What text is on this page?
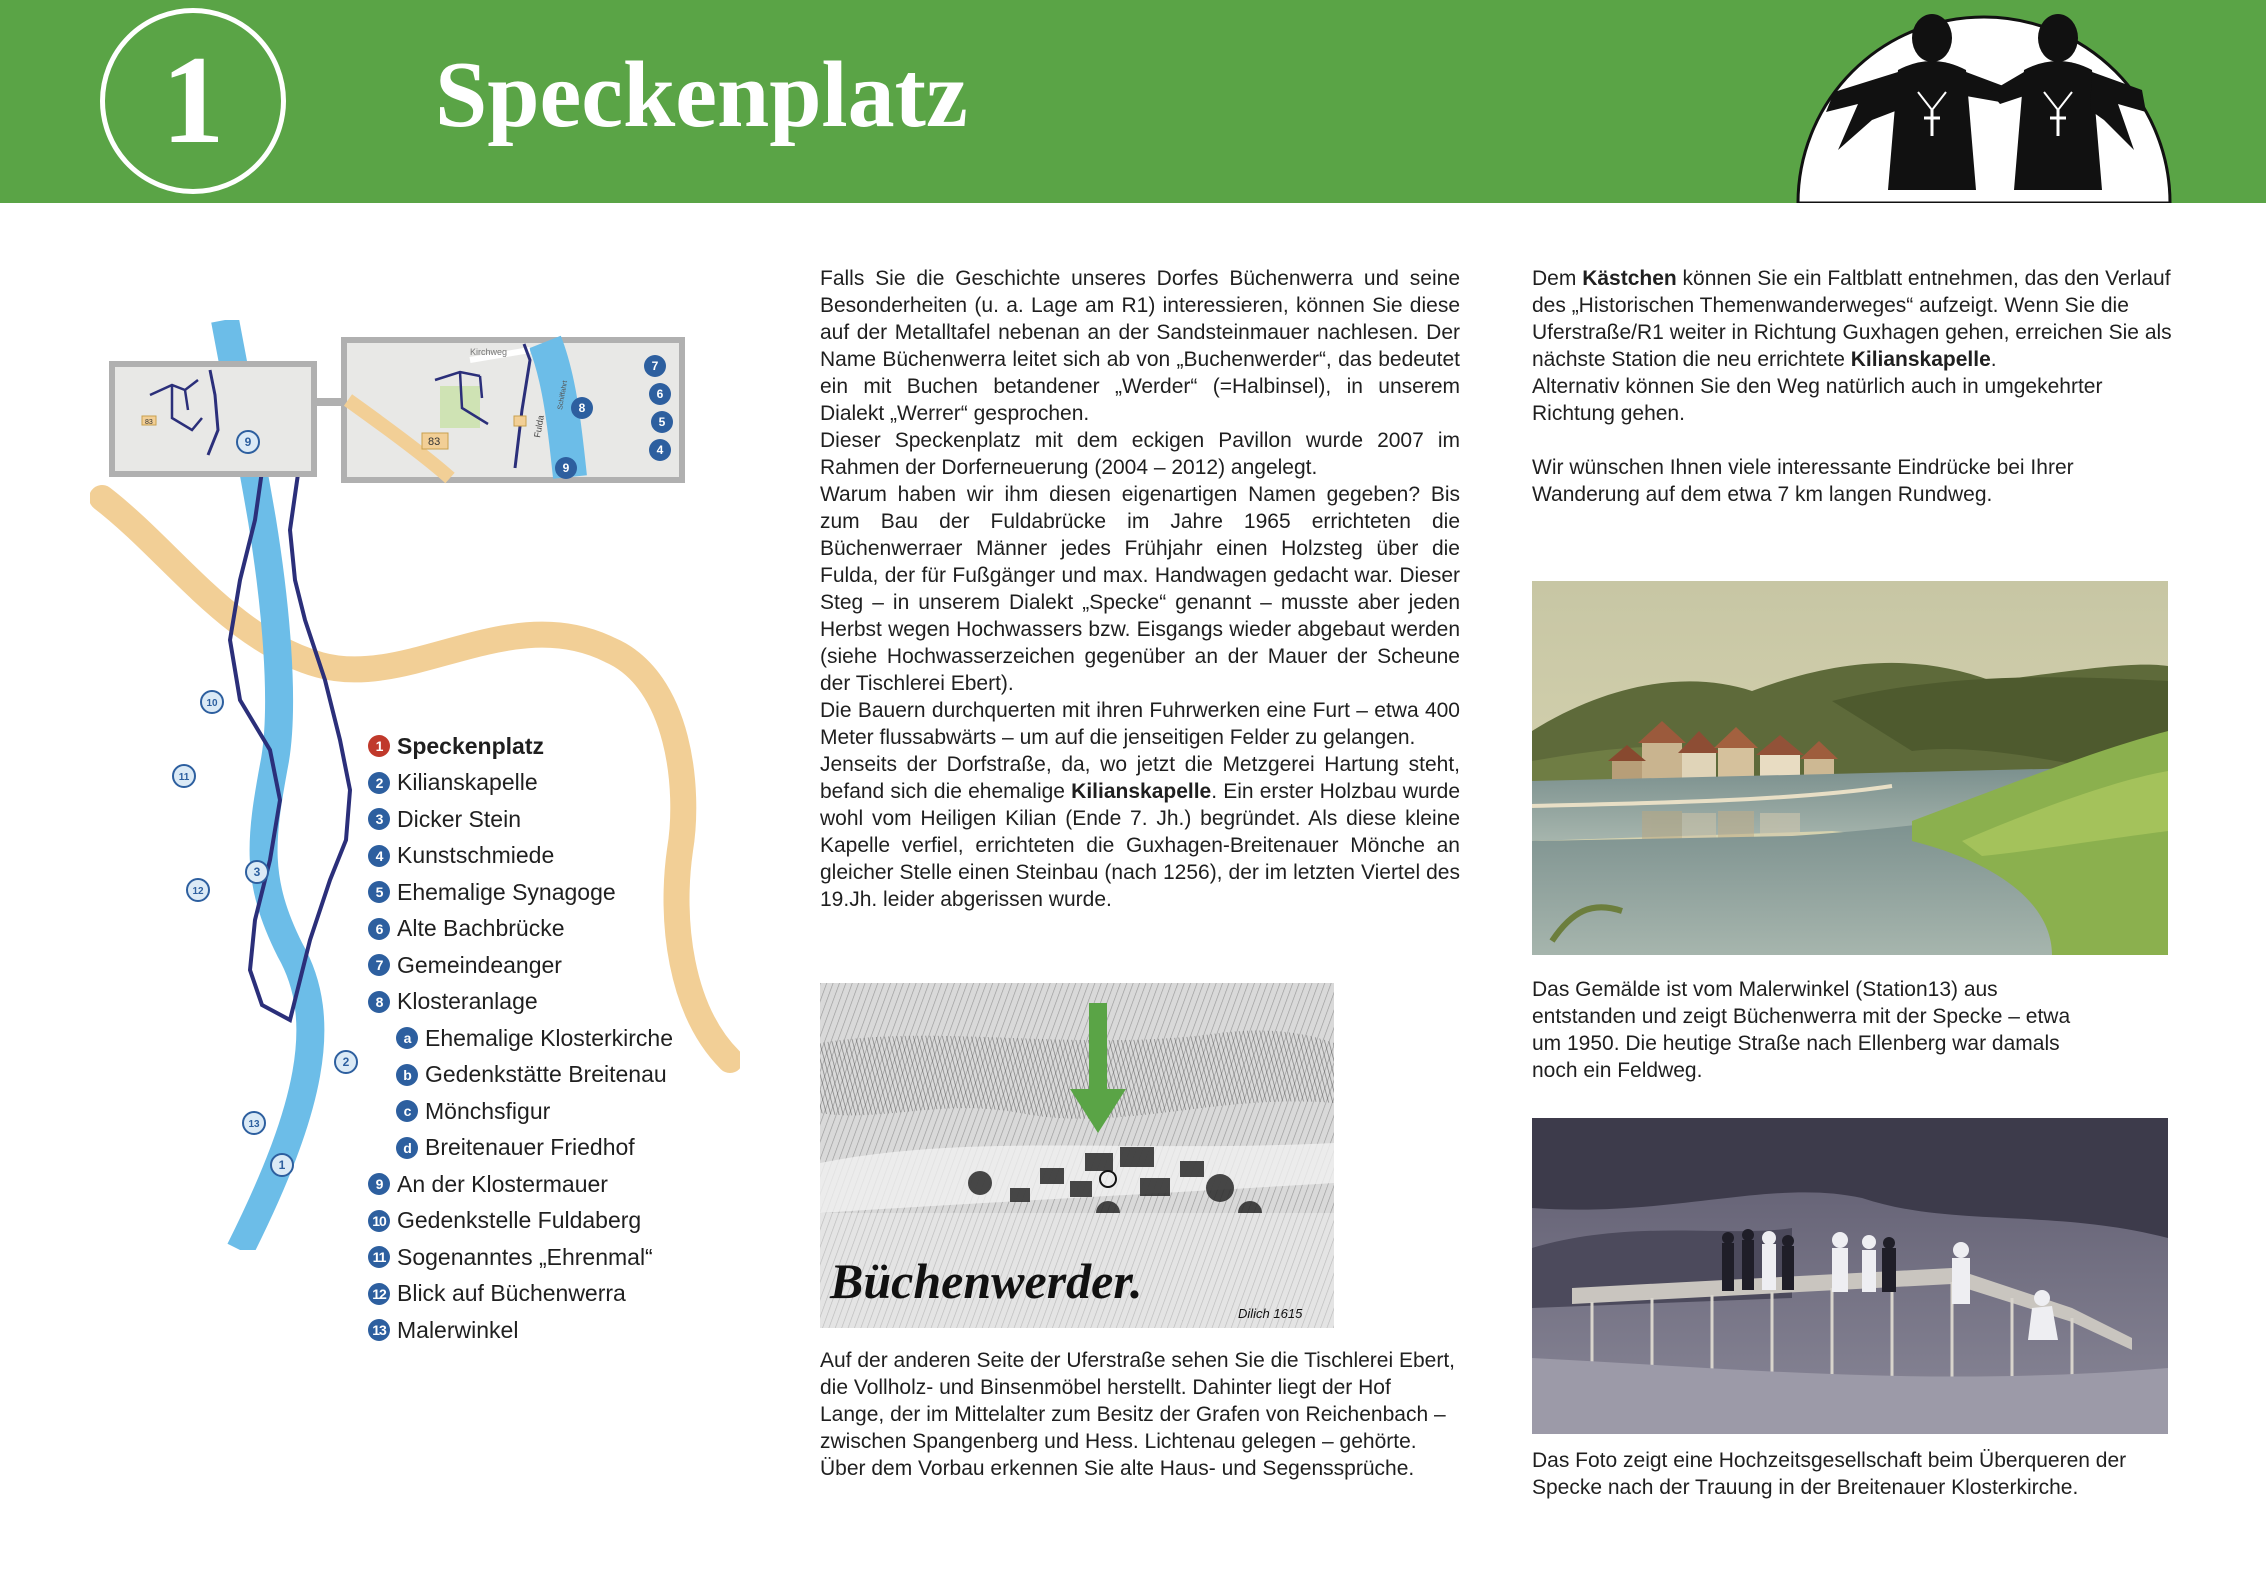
1 Speckenplatz
83
83
Kirchweg
Fulda
Schiffahrt
7
6
5
4
8
9
1
2
3
9
10
11
12
13
1 Speckenplatz
2 Kilianskapelle
3 Dicker Stein
4 Kunstschmiede
5 Ehemalige Synagoge
6 Alte Bachbrücke
7 Gemeindeanger
8 Klosteranlage
a Ehemalige Klosterkirche
b Gedenkstätte Breitenau
c Mönchsfigur
d Breitenauer Friedhof
9 An der Klostermauer
10 Gedenkstelle Fuldaberg
11 Sogenanntes „Ehrenmal“
12 Blick auf Büchenwerra
13 Malerwinkel

Falls Sie die Geschichte unseres Dorfes Büchenwerra und seine Besonderheiten (u. a. Lage am R1) interessieren, können Sie diese auf der Metalltafel nebenan an der Sandsteinmauer nachlesen. Der Name Büchenwerra leitet sich ab von „Buchenwerder“, das bedeutet ein mit Buchen betandener „Werder“ (=Halbinsel), in unserem Dialekt „Werrer“ gesprochen.

Dieser Speckenplatz mit dem eckigen Pavillon wurde 2007 im Rahmen der Dorferneuerung (2004 – 2012) angelegt.

Warum haben wir ihm diesen eigenartigen Namen gegeben? Bis zum Bau der Fuldabrücke im Jahre 1965 errichteten die Büchenwerraer Männer jedes Frühjahr einen Holzsteg über die Fulda, der für Fußgänger und max. Handwagen gedacht war. Dieser Steg – in unserem Dialekt „Specke“ genannt – musste aber jeden Herbst wegen Hochwassers bzw. Eisgangs wieder abgebaut werden (siehe Hochwasserzeichen gegenüber an der Mauer der Scheune der Tischlerei Ebert).

Die Bauern durchquerten mit ihren Fuhrwerken eine Furt – etwa 400 Meter flussabwärts – um auf die jenseitigen Felder zu gelangen.

Jenseits der Dorfstraße, da, wo jetzt die Metzgerei Hartung steht, befand sich die ehemalige Kilianskapelle. Ein erster Holzbau wurde wohl vom Heiligen Kilian (Ende 7. Jh.) begründet. Als diese kleine Kapelle verfiel, errichteten die Guxhagen-Breitenauer Mönche an gleicher Stelle einen Steinbau (nach 1256), der im letzten Viertel des 19.Jh. leider abgerissen wurde.

Büchenwerder.
Dilich 1615

Auf der anderen Seite der Uferstraße sehen Sie die Tischlerei Ebert, die Vollholz- und Binsenmöbel herstellt. Dahinter liegt der Hof Lange, der im Mittelalter zum Besitz der Grafen von Reichenbach – zwischen Spangenberg und Hess. Lichtenau gelegen – gehörte. Über dem Vorbau erkennen Sie alte Haus- und Segenssprüche.

Dem Kästchen können Sie ein Faltblatt entnehmen, das den Verlauf des „Historischen Themenwanderweges“ aufzeigt. Wenn Sie die Uferstraße/R1 weiter in Richtung Guxhagen gehen, erreichen Sie als nächste Station die neu errichtete Kilianskapelle.

Alternativ können Sie den Weg natürlich auch in umgekehrter Richtung gehen.

Wir wünschen Ihnen viele interessante Eindrücke bei Ihrer Wanderung auf dem etwa 7 km langen Rundweg.

Das Gemälde ist vom Malerwinkel (Station13) aus entstanden und zeigt Büchenwerra mit der Specke – etwa um 1950. Die heutige Straße nach Ellenberg war damals noch ein Feldweg.

Das Foto zeigt eine Hochzeitsgesellschaft beim Überqueren der Specke nach der Trauung in der Breitenauer Klosterkirche.
